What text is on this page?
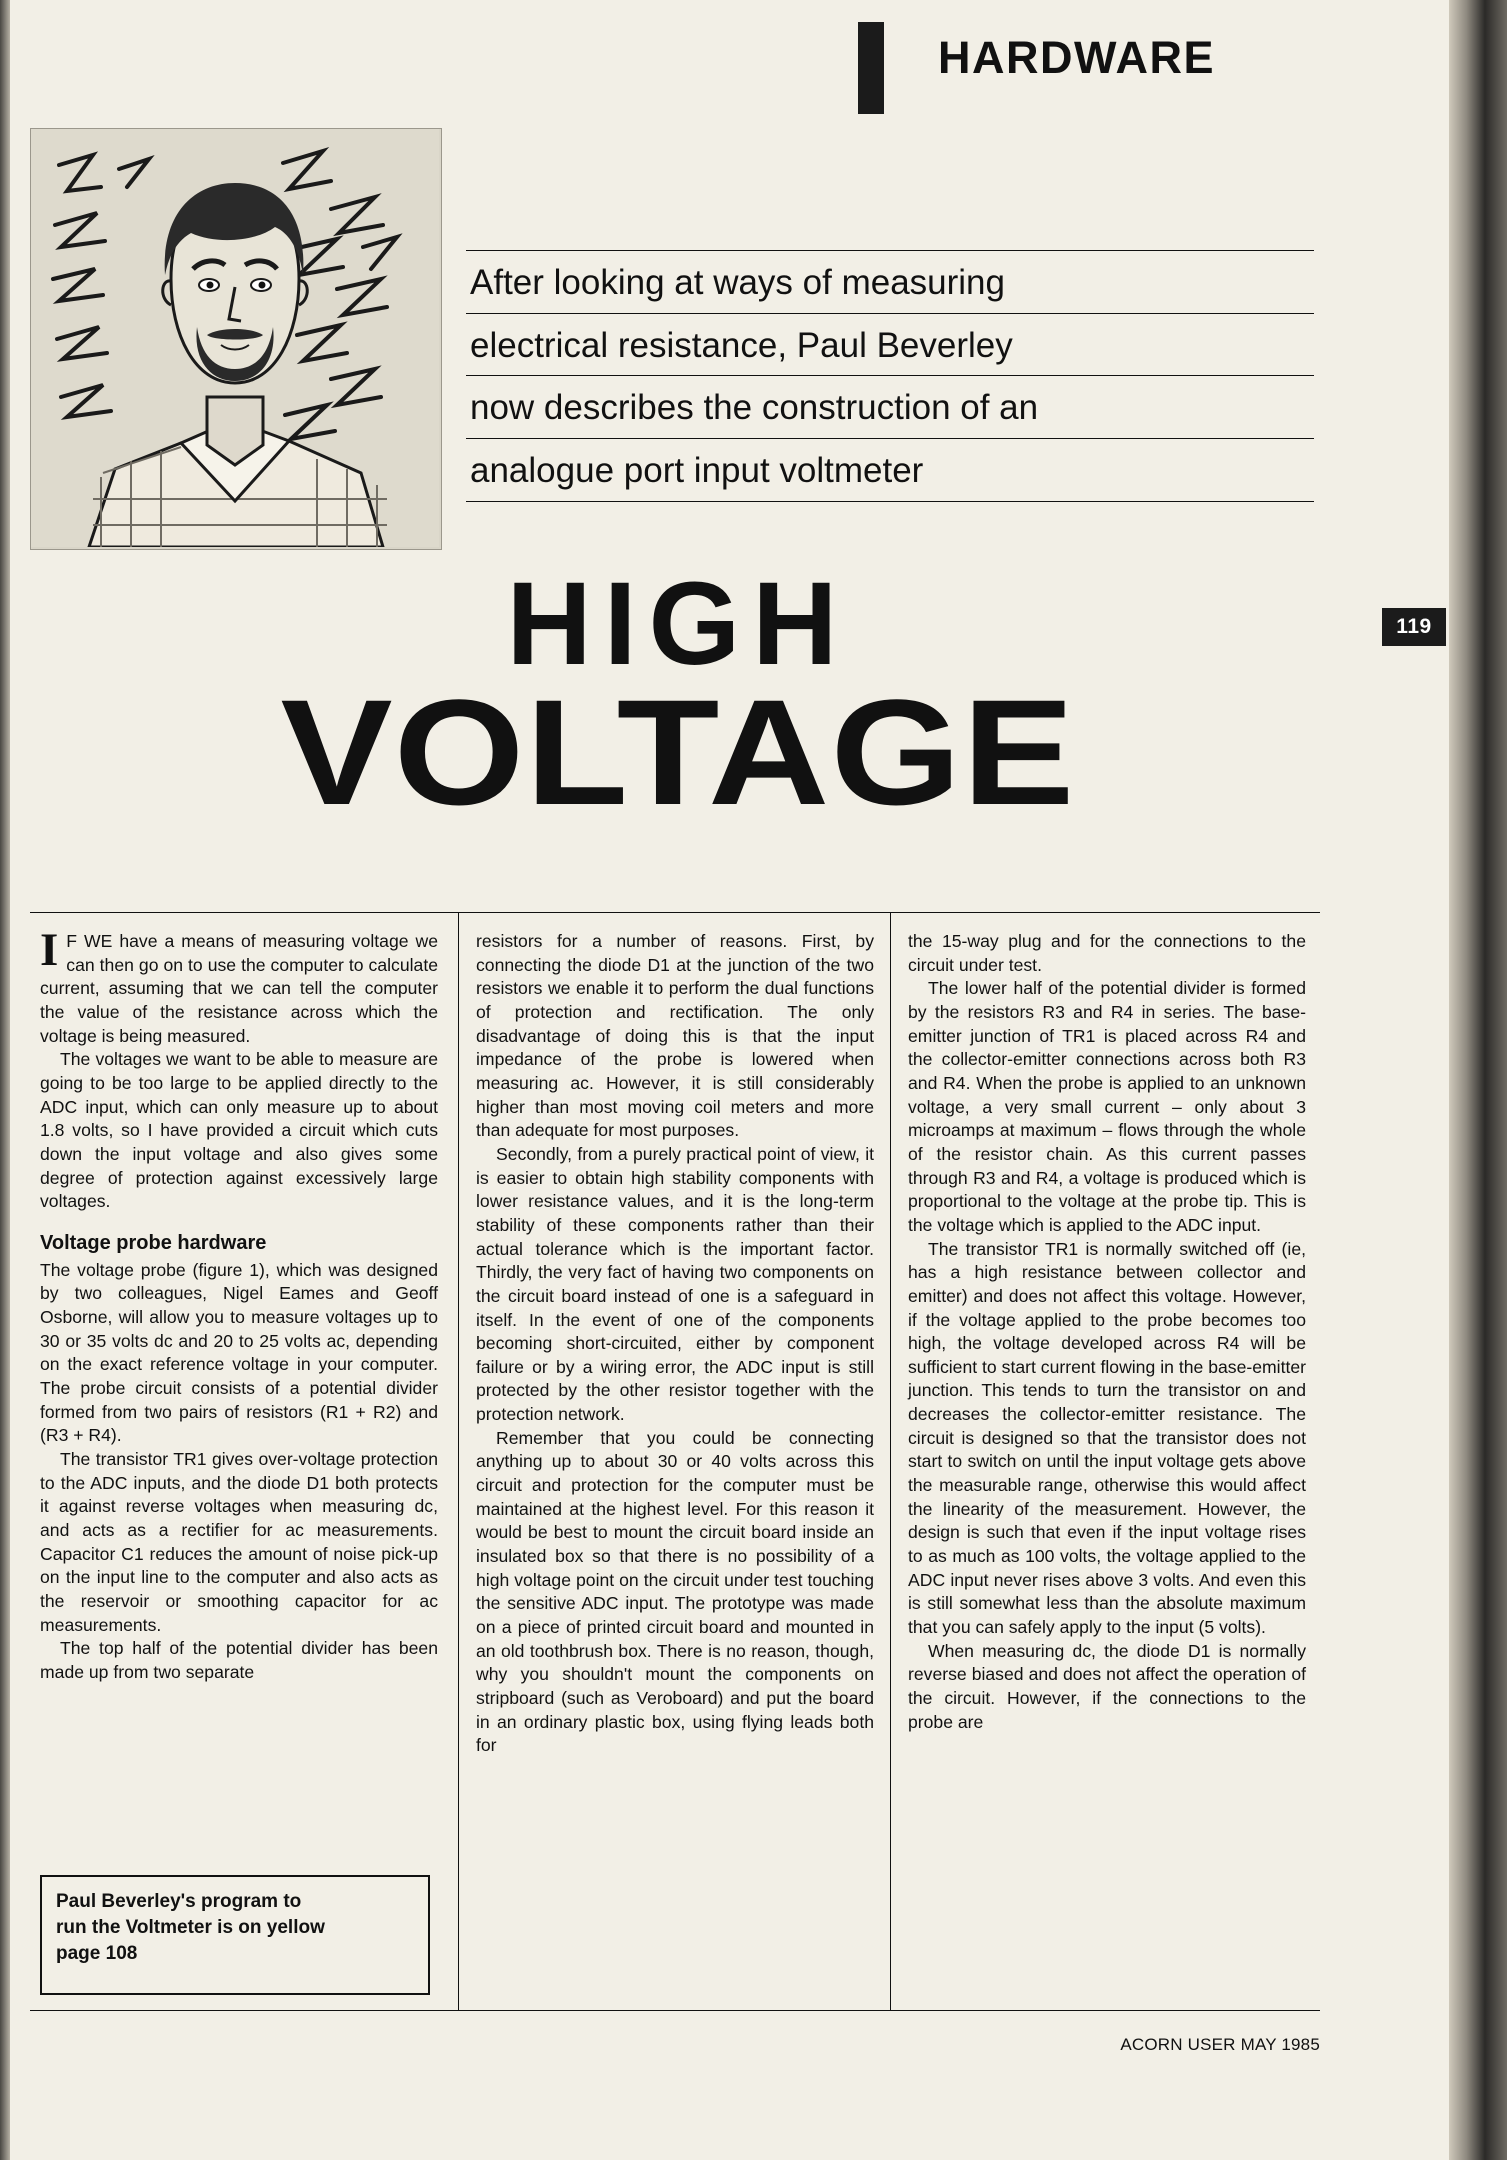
HARDWARE
119
After looking at ways of measuring
electrical resistance, Paul Beverley
now describes the construction of an
analogue port input voltmeter
HIGH
VOLTAGE

I F WE have a means of measuring voltage we can then go on to use the computer to calculate current, assuming that we can tell the computer the value of the resistance across which the voltage is being measured.

The voltages we want to be able to measure are going to be too large to be applied directly to the ADC input, which can only measure up to about 1.8 volts, so I have provided a circuit which cuts down the input voltage and also gives some degree of protection against excessively large voltages.

Voltage probe hardware

The voltage probe (figure 1), which was designed by two colleagues, Nigel Eames and Geoff Osborne, will allow you to measure voltages up to 30 or 35 volts dc and 20 to 25 volts ac, depending on the exact reference voltage in your computer. The probe circuit consists of a potential divider formed from two pairs of resistors (R1 + R2) and (R3 + R4).

The transistor TR1 gives over-voltage protection to the ADC inputs, and the diode D1 both protects it against reverse voltages when measuring dc, and acts as a rectifier for ac measurements. Capacitor C1 reduces the amount of noise pick-up on the input line to the computer and also acts as the reservoir or smoothing capacitor for ac measurements.

The top half of the potential divider has been made up from two separate

resistors for a number of reasons. First, by connecting the diode D1 at the junction of the two resistors we enable it to perform the dual functions of protection and rectification. The only disadvantage of doing this is that the input impedance of the probe is lowered when measuring ac. However, it is still considerably higher than most moving coil meters and more than adequate for most purposes.

Secondly, from a purely practical point of view, it is easier to obtain high stability components with lower resistance values, and it is the long-term stability of these components rather than their actual tolerance which is the important factor. Thirdly, the very fact of having two components on the circuit board instead of one is a safeguard in itself. In the event of one of the components becoming short-circuited, either by component failure or by a wiring error, the ADC input is still protected by the other resistor together with the protection network.

Remember that you could be connecting anything up to about 30 or 40 volts across this circuit and protection for the computer must be maintained at the highest level. For this reason it would be best to mount the circuit board inside an insulated box so that there is no possibility of a high voltage point on the circuit under test touching the sensitive ADC input. The prototype was made on a piece of printed circuit board and mounted in an old toothbrush box. There is no reason, though, why you shouldn't mount the components on stripboard (such as Veroboard) and put the board in an ordinary plastic box, using flying leads both for

the 15-way plug and for the connections to the circuit under test.

The lower half of the potential divider is formed by the resistors R3 and R4 in series. The base-emitter junction of TR1 is placed across R4 and the collector-emitter connections across both R3 and R4. When the probe is applied to an unknown voltage, a very small current – only about 3 microamps at maximum – flows through the whole of the resistor chain. As this current passes through R3 and R4, a voltage is produced which is proportional to the voltage at the probe tip. This is the voltage which is applied to the ADC input.

The transistor TR1 is normally switched off (ie, has a high resistance between collector and emitter) and does not affect this voltage. However, if the voltage applied to the probe becomes too high, the voltage developed across R4 will be sufficient to start current flowing in the base-emitter junction. This tends to turn the transistor on and decreases the collector-emitter resistance. The circuit is designed so that the transistor does not start to switch on until the input voltage gets above the measurable range, otherwise this would affect the linearity of the measurement. However, the design is such that even if the input voltage rises to as much as 100 volts, the voltage applied to the ADC input never rises above 3 volts. And even this is still somewhat less than the absolute maximum that you can safely apply to the input (5 volts).

When measuring dc, the diode D1 is normally reverse biased and does not affect the operation of the circuit. However, if the connections to the probe are

Paul Beverley's program to
run the Voltmeter is on yellow
page 108
ACORN USER MAY 1985
